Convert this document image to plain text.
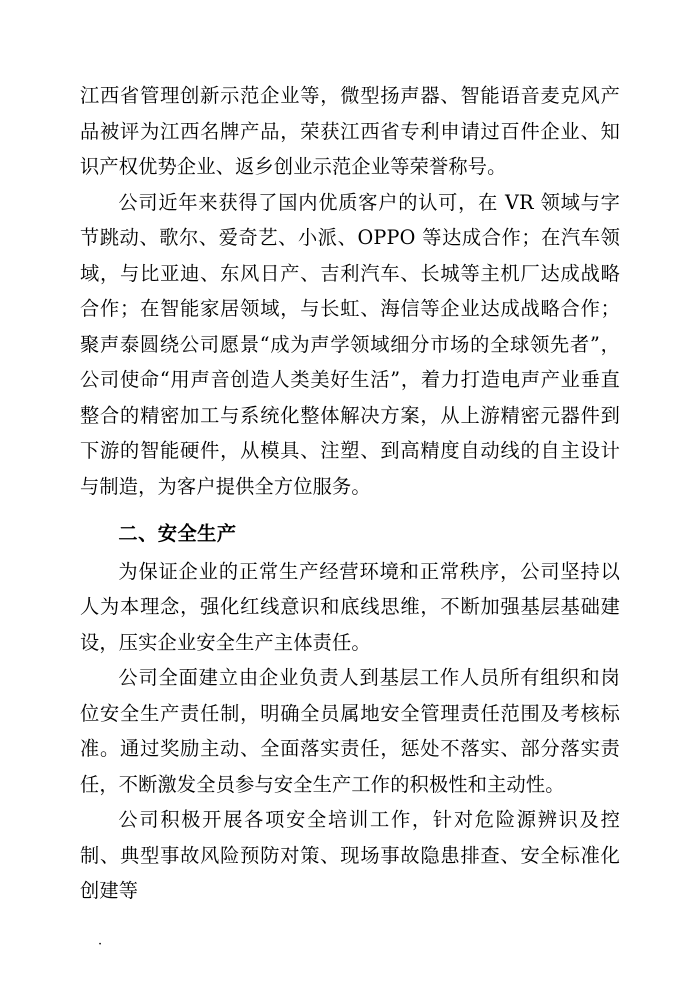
江西省管理创新示范企业等，微型扬声器、智能语音麦克风产品被评为江西名牌产品，荣获江西省专利申请过百件企业、知识产权优势企业、返乡创业示范企业等荣誉称号。

公司近年来获得了国内优质客户的认可，在 VR 领域与字节跳动、歌尔、爱奇艺、小派、OPPO 等达成合作；在汽车领域，与比亚迪、东风日产、吉利汽车、长城等主机厂达成战略合作；在智能家居领域，与长虹、海信等企业达成战略合作；聚声泰圆绕公司愿景“成为声学领域细分市场的全球领先者”，公司使命“用声音创造人类美好生活”，着力打造电声产业垂直整合的精密加工与系统化整体解决方案，从上游精密元器件到下游的智能硬件，从模具、注塑、到高精度自动线的自主设计与制造，为客户提供全方位服务。

二、安全生产

为保证企业的正常生产经营环境和正常秩序，公司坚持以人为本理念，强化红线意识和底线思维，不断加强基层基础建设，压实企业安全生产主体责任。

公司全面建立由企业负责人到基层工作人员所有组织和岗位安全生产责任制，明确全员属地安全管理责任范围及考核标准。通过奖励主动、全面落实责任，惩处不落实、部分落实责任，不断激发全员参与安全生产工作的积极性和主动性。

公司积极开展各项安全培训工作，针对危险源辨识及控制、典型事故风险预防对策、现场事故隐患排查、安全标准化创建等

·
